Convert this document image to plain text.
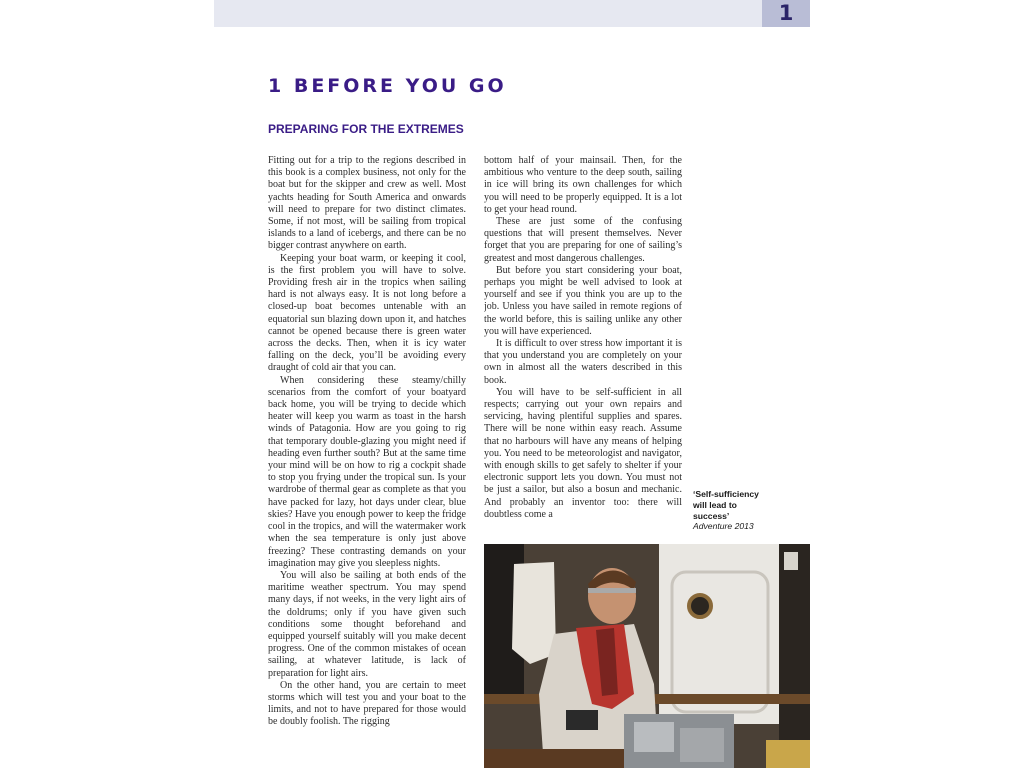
1
1 BEFORE YOU GO
PREPARING FOR THE EXTREMES

Fitting out for a trip to the regions described in this book is a complex business, not only for the boat but for the skipper and crew as well. Most yachts heading for South America and onwards will need to prepare for two distinct climates. Some, if not most, will be sailing from tropical islands to a land of icebergs, and there can be no bigger contrast anywhere on earth.

Keeping your boat warm, or keeping it cool, is the first problem you will have to solve. Providing fresh air in the tropics when sailing hard is not always easy. It is not long before a closed-up boat becomes untenable with an equatorial sun blazing down upon it, and hatches cannot be opened because there is green water across the decks. Then, when it is icy water falling on the deck, you’ll be avoiding every draught of cold air that you can.

When considering these steamy/chilly scenarios from the comfort of your boatyard back home, you will be trying to decide which heater will keep you warm as toast in the harsh winds of Patagonia. How are you going to rig that temporary double-glazing you might need if heading even further south? But at the same time your mind will be on how to rig a cockpit shade to stop you frying under the tropical sun. Is your wardrobe of thermal gear as complete as that you have packed for lazy, hot days under clear, blue skies? Have you enough power to keep the fridge cool in the tropics, and will the watermaker work when the sea temperature is only just above freezing? These contrasting demands on your imagination may give you sleepless nights.

You will also be sailing at both ends of the maritime weather spectrum. You may spend many days, if not weeks, in the very light airs of the doldrums; only if you have given such conditions some thought beforehand and equipped yourself suitably will you make decent progress. One of the common mistakes of ocean sailing, at whatever latitude, is lack of preparation for light airs.

On the other hand, you are certain to meet storms which will test you and your boat to the limits, and not to have prepared for those would be doubly foolish. The rigging

bottom half of your mainsail. Then, for the ambitious who venture to the deep south, sailing in ice will bring its own challenges for which you will need to be properly equipped. It is a lot to get your head round.

These are just some of the confusing questions that will present themselves. Never forget that you are preparing for one of sailing’s greatest and most dangerous challenges.

But before you start considering your boat, perhaps you might be well advised to look at yourself and see if you think you are up to the job. Unless you have sailed in remote regions of the world before, this is sailing unlike any other you will have experienced.

It is difficult to over stress how important it is that you understand you are completely on your own in almost all the waters described in this book.

You will have to be self-sufficient in all respects; carrying out your own repairs and servicing, having plentiful supplies and spares. There will be none within easy reach. Assume that no harbours will have any means of helping you. You need to be meteorologist and navigator, with enough skills to get safely to shelter if your electronic support lets you down. You must not be just a sailor, but also a bosun and mechanic. And probably an inventor too: there will doubtless come a

‘Self-sufficiency will lead to success’
Adventure 2013
